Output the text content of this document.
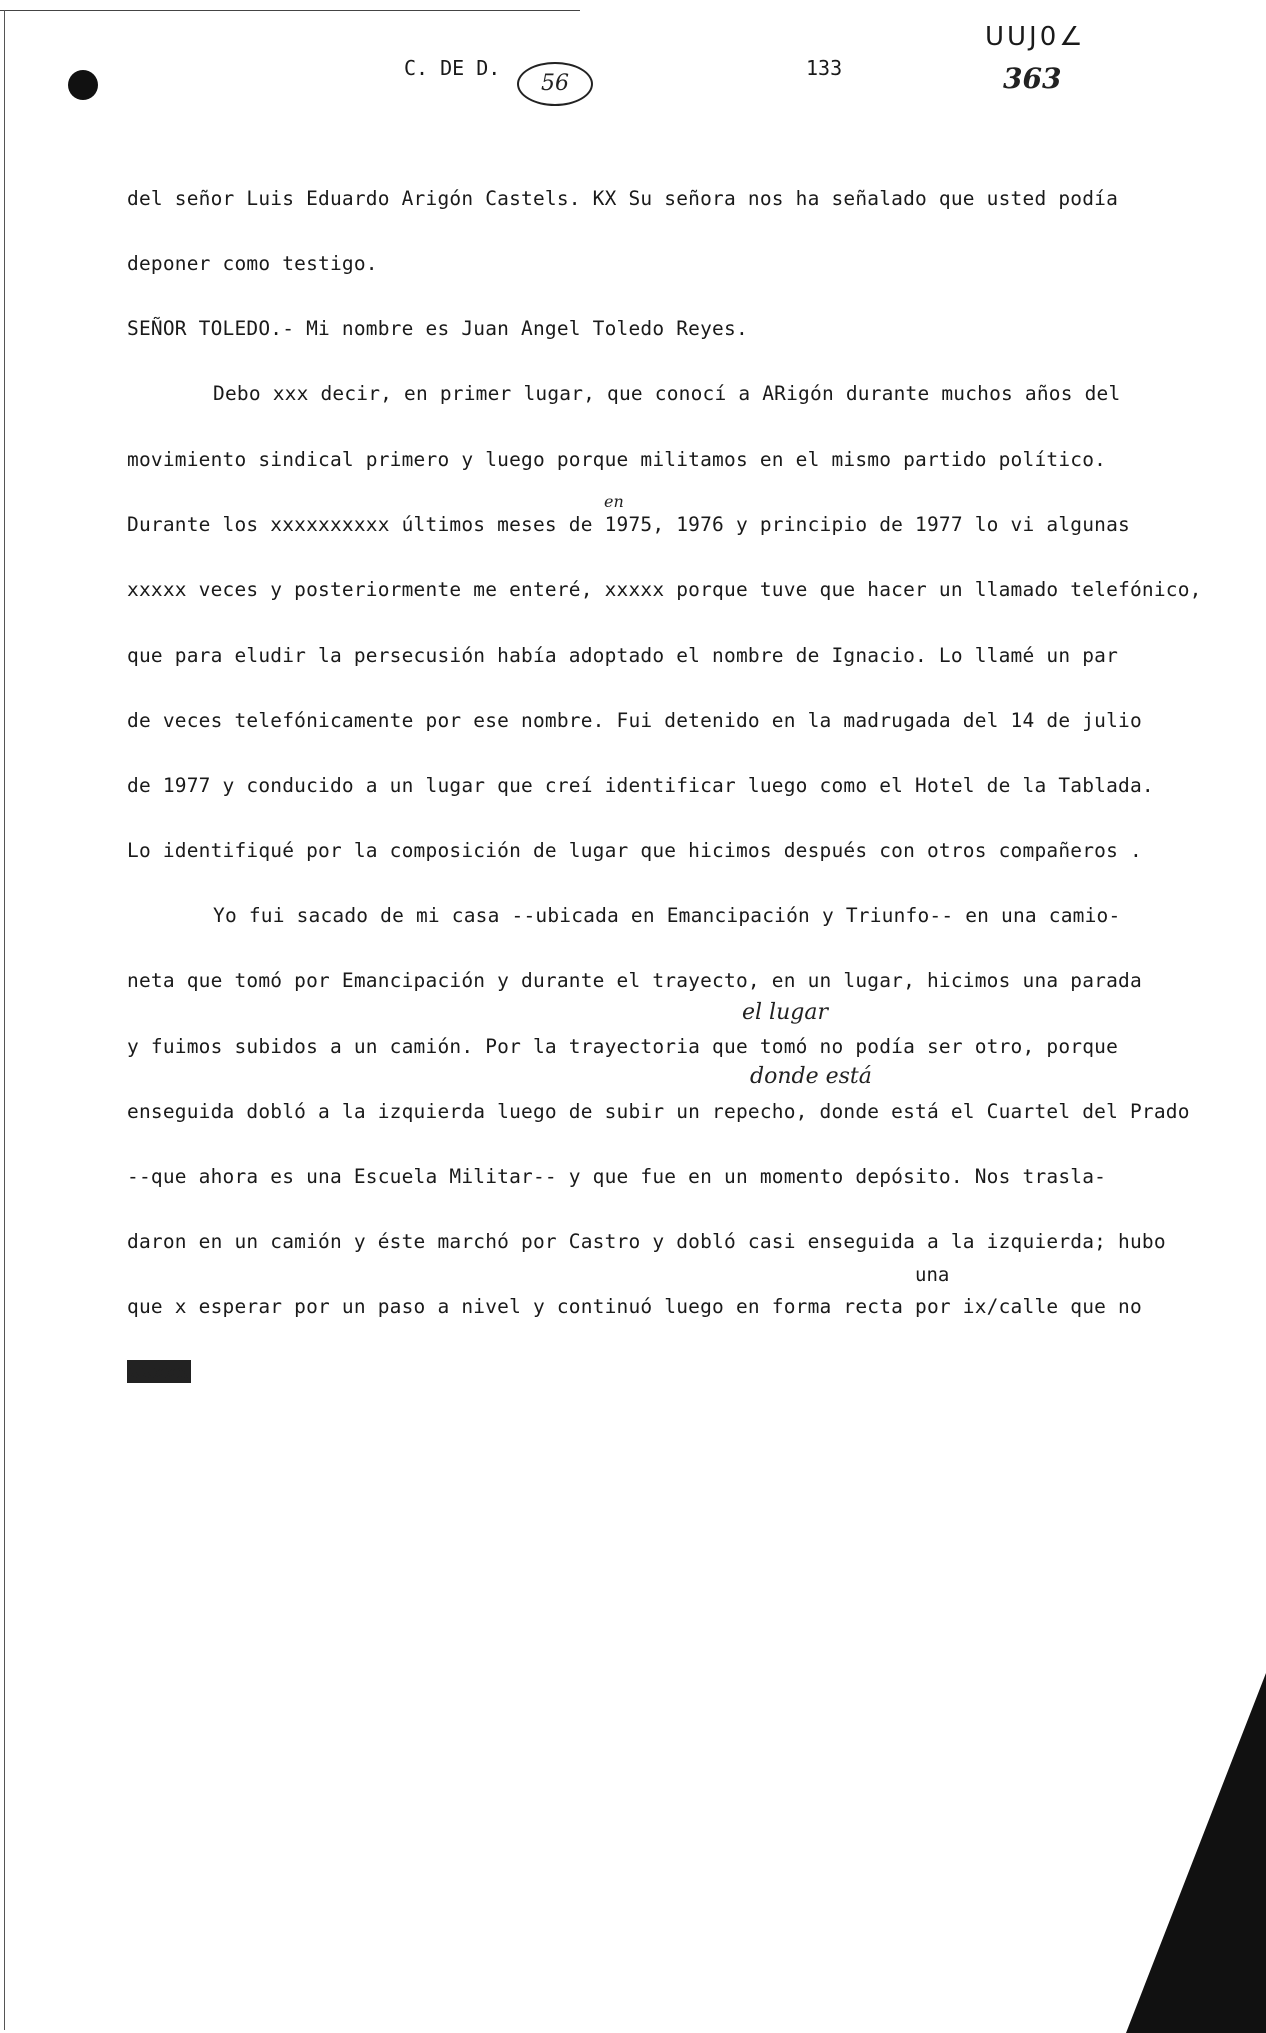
C. DE D.
56
133
UUJ0∠
363
del señor Luis Eduardo Arigón Castels. KX Su señora nos ha señalado que usted podía
deponer como testigo.
SEÑOR TOLEDO.- Mi nombre es Juan Angel Toledo Reyes.
Debo xxx decir, en primer lugar, que conocí a ARigón durante muchos años del
movimiento sindical primero y luego porque militamos en el mismo partido político.
en
Durante los xxxxxxxxxx últimos meses de 1975, 1976 y principio de 1977 lo vi algunas
xxxxx veces y posteriormente me enteré, xxxxx porque tuve que hacer un llamado telefónico,
que para eludir la persecusión había adoptado el nombre de Ignacio. Lo llamé un par
de veces telefónicamente por ese nombre. Fui detenido en la madrugada del 14 de julio
de 1977 y conducido a un lugar que creí identificar luego como el Hotel de la Tablada.
Lo identifiqué por la composición de lugar que hicimos después con otros compañeros .
Yo fui sacado de mi casa --ubicada en Emancipación y Triunfo-- en una camio-
neta que tomó por Emancipación y durante el trayecto, en un lugar, hicimos una parada
el lugar
y fuimos subidos a un camión. Por la trayectoria que tomó no podía ser otro, porque
donde está
enseguida dobló a la izquierda luego de subir un repecho, donde está el Cuartel del Prado
--que ahora es una Escuela Militar-- y que fue en un momento depósito. Nos trasla-
daron en un camión y éste marchó por Castro y dobló casi enseguida a la izquierda; hubo
una
que x esperar por un paso a nivel y continuó luego en forma recta por ix/calle que no
xxxxx
